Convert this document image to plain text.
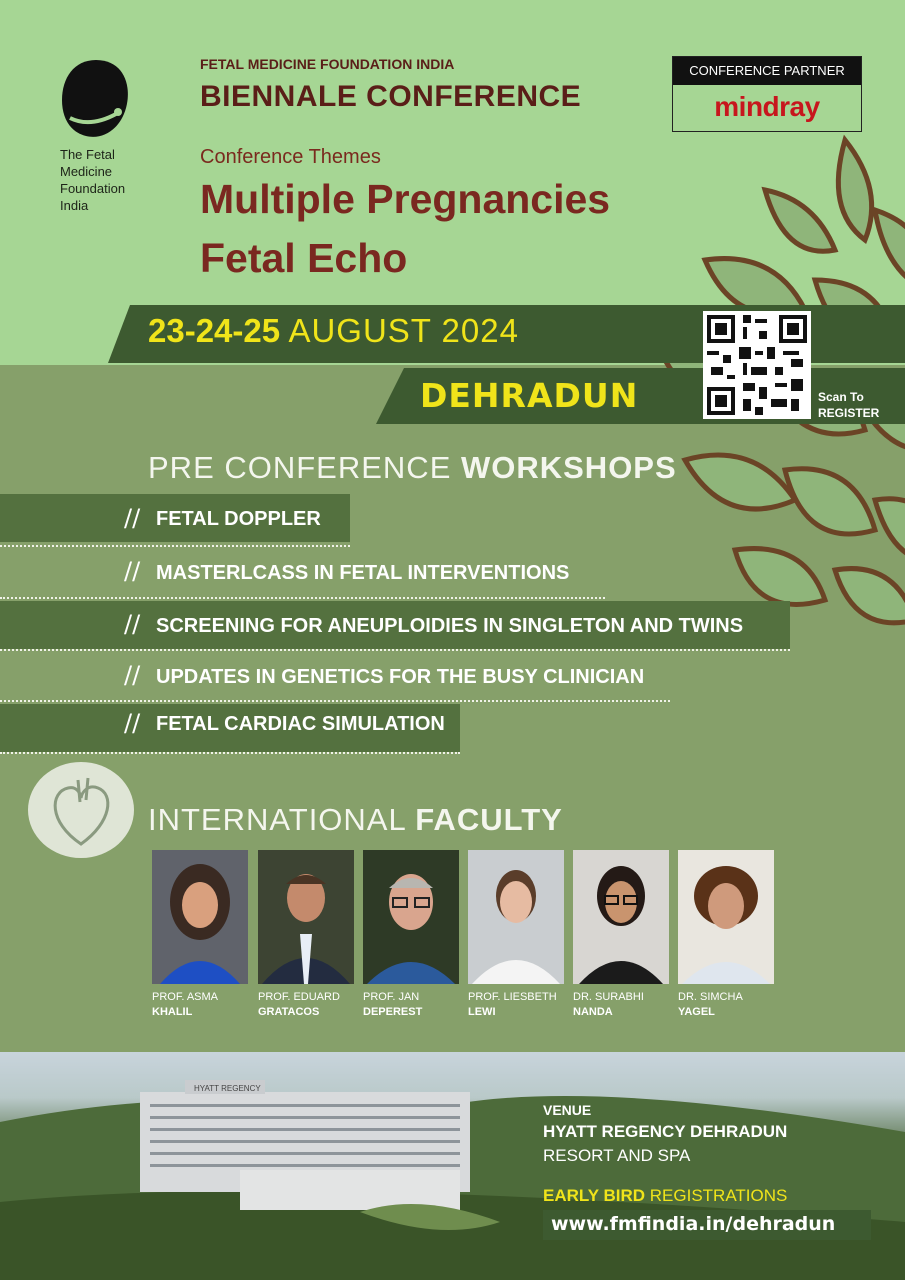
The Fetal
Medicine
Foundation
India
FETAL MEDICINE FOUNDATION INDIA
BIENNALE CONFERENCE
Conference Themes
Multiple Pregnancies
Fetal Echo
CONFERENCE PARTNER
mindray
23-24-25 AUGUST 2024
DEHRADUN	Scan To
REGISTER
PRE CONFERENCE WORKSHOPS
// FETAL DOPPLER
// MASTERLCASS IN FETAL INTERVENTIONS
// SCREENING FOR ANEUPLOIDIES IN SINGLETON AND TWINS
// UPDATES IN GENETICS FOR THE BUSY CLINICIAN
// FETAL CARDIAC SIMULATION
INTERNATIONAL FACULTY
PROF. ASMA
KHALIL
PROF. EDUARD
GRATACOS
PROF. JAN
DEPEREST
PROF. LIESBETH
LEWI
DR. SURABHI
NANDA
DR. SIMCHA
YAGEL
HYATT REGENCY
VENUE
HYATT REGENCY DEHRADUN
RESORT AND SPA
EARLY BIRD REGISTRATIONS
www.fmfindia.in/dehradun
